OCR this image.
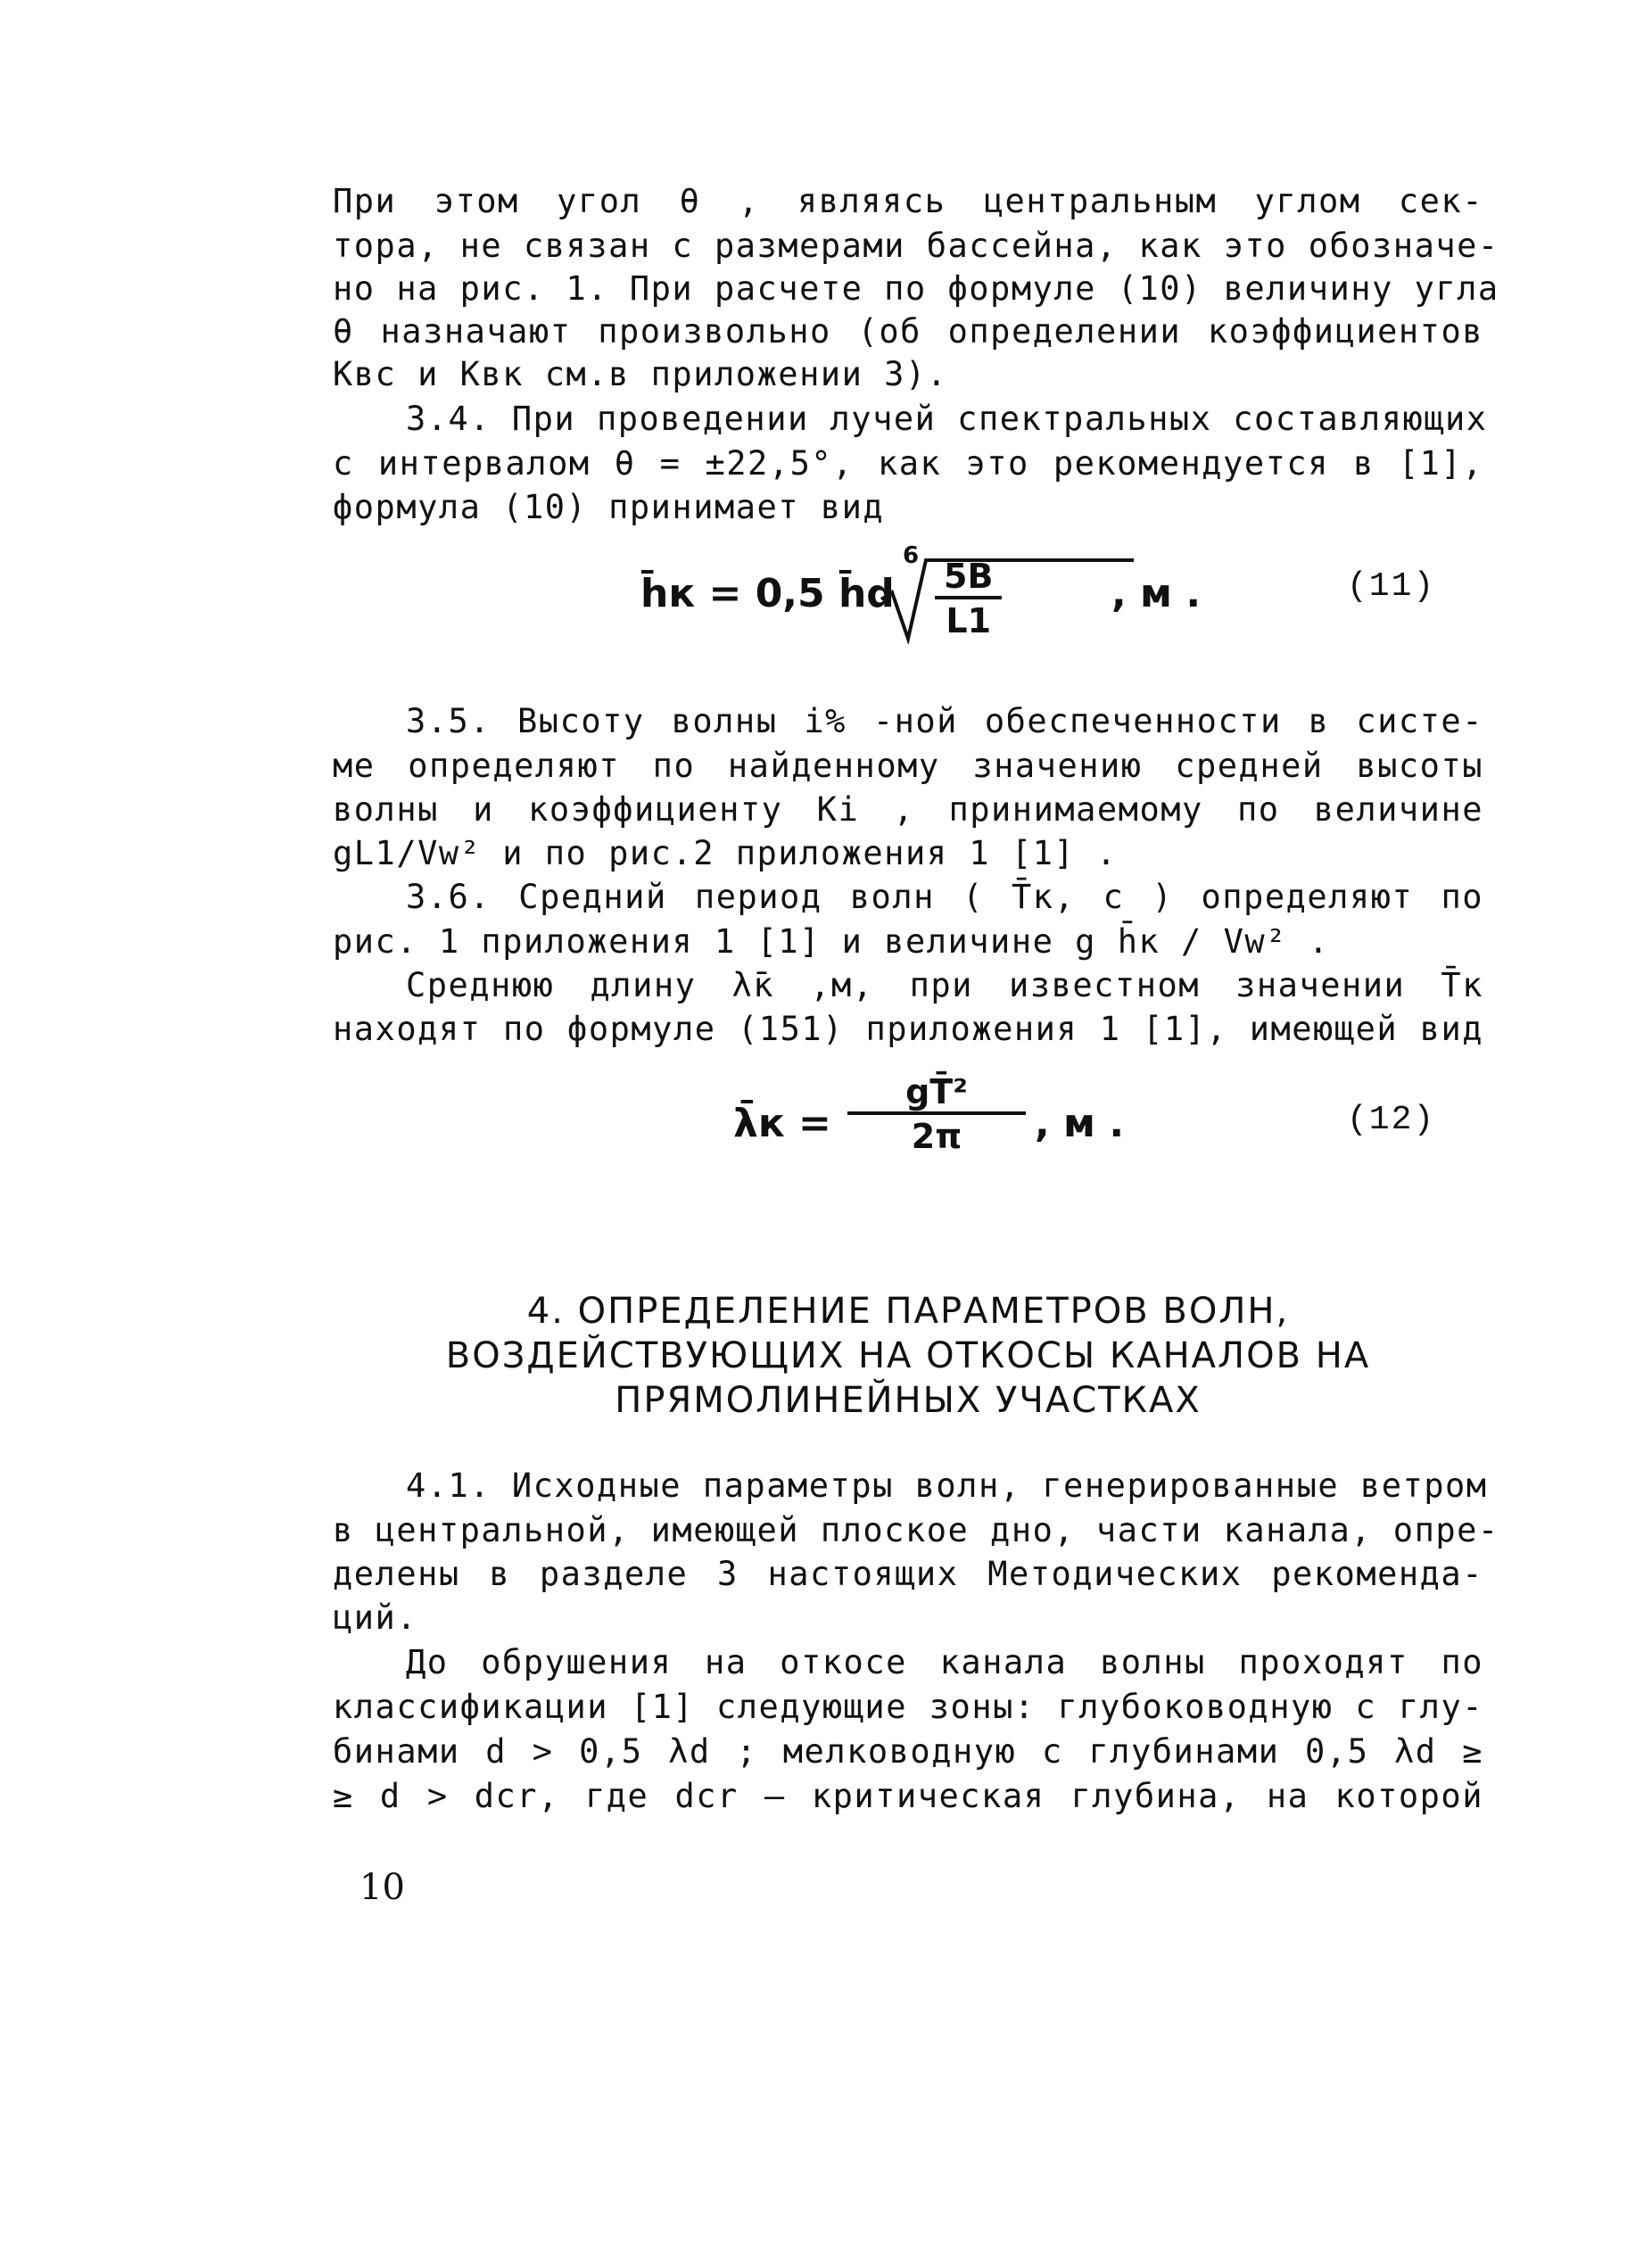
При этом угол θ , являясь центральным углом сек-

тора, не связан с размерами бассейна, как это обозначе-

но на рис. 1. При расчете по формуле (10) величину угла

θ назначают произвольно (об определении коэффициентов

Kвс и Kвк см.в приложении 3).

3.4. При проведении лучей спектральных составляющих

с интервалом θ = ±22,5°, как это рекомендуется в [1],

формула (10) принимает вид

h̄к = 0,5 h̄d
6
$\frac{5B}{L1}$	, м .	(11)

3.5. Высоту волны i% -ной обеспеченности в систе-

ме определяют по найденному значению средней высоты

волны и коэффициенту Ki , принимаемому по величине

gL1/Vw² и по рис.2 приложения 1 [1] .

3.6. Средний период волн ( T̄к, с ) определяют по

рис. 1 приложения 1 [1] и величине g h̄к / Vw² .

Среднюю длину λ̄к ,м, при известном значении T̄к

находят по формуле (151) приложения 1 [1], имеющей вид

λ̄к = $\frac{\text{gT̄²}}{2\pi}$ , м .	(12)
4. ОПРЕДЕЛЕНИЕ ПАРАМЕТРОВ ВОЛН,
ВОЗДЕЙСТВУЮЩИХ НА ОТКОСЫ КАНАЛОВ НА
ПРЯМОЛИНЕЙНЫХ УЧАСТКАХ

4.1. Исходные параметры волн, генерированные ветром

в центральной, имеющей плоское дно, части канала, опре-

делены в разделе 3 настоящих Методических рекоменда-

ций.

До обрушения на откосе канала волны проходят по

классификации [1] следующие зоны: глубоководную с глу-

бинами d > 0,5 λd ; мелководную с глубинами 0,5 λd ≥

≥ d > dcr, где dcr – критическая глубина, на которой

10
